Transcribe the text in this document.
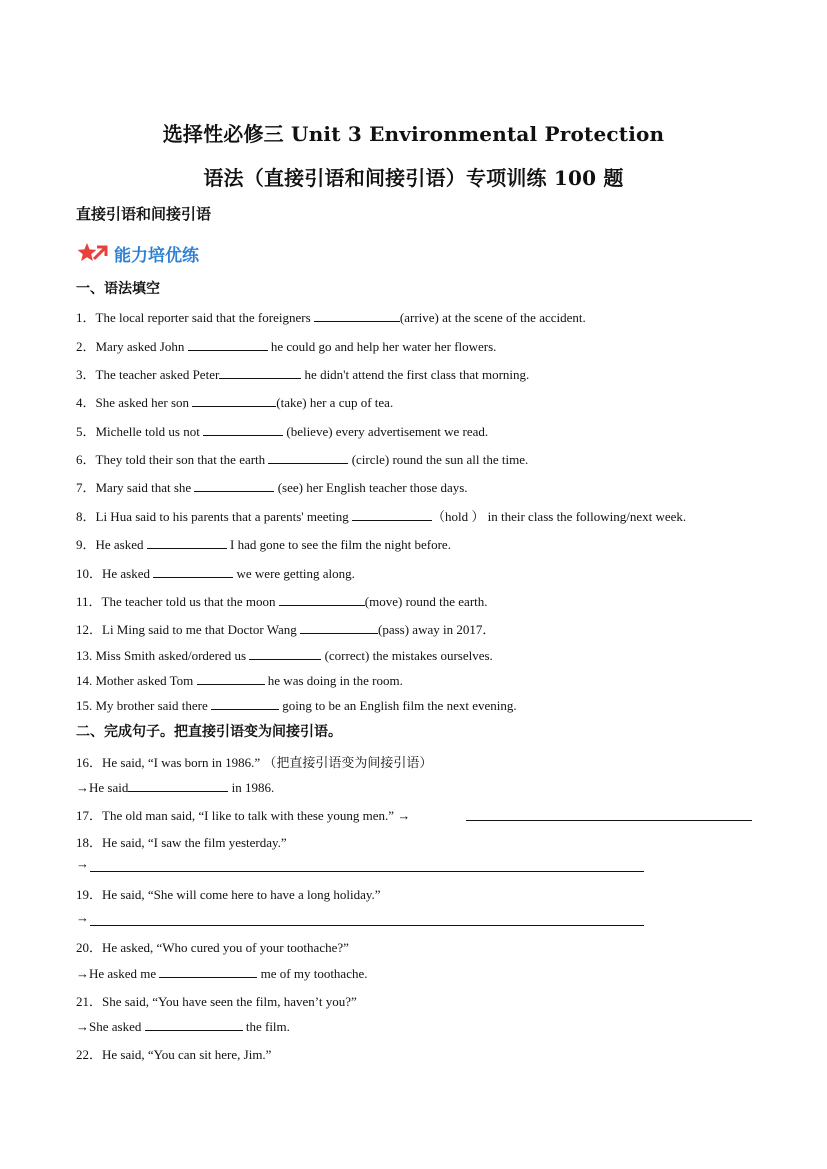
选择性必修三 Unit 3 Environmental Protection
语法（直接引语和间接引语）专项训练 100 题
直接引语和间接引语
能力培优练
一、语法填空
1．The local reporter said that the foreigners	(arrive) at the scene of the accident.
2．Mary asked John	he could go and help her water her flowers.
3．The teacher asked Peter	he didn't attend the first class that morning.
4．She asked her son	(take) her a cup of tea.
5．Michelle told us not	(believe) every advertisement we read.
6．They told their son that the earth	(circle) round the sun all the time.
7．Mary said that she	(see) her English teacher those days.
8．Li Hua said to his parents that a parents' meeting	（hold ） in their class the following/next week.
9．He asked	I had gone to see the film the night before.
10．He asked	we were getting along.
11．The teacher told us that the moon	(move) round the earth.
12．Li Ming said to me that Doctor Wang	(pass) away in 2017．
13. Miss Smith asked/ordered us	(correct) the mistakes ourselves.
14. Mother asked Tom	he was doing in the room.
15. My brother said there	going to be an English film the next evening.
二、完成句子。把直接引语变为间接引语。
16．He said, “I was born in 1986.” （把直接引语变为间接引语）
→He said	in 1986.
17．The old man said, “I like to talk with these young men.” →
18．He said, “I saw the film yesterday.”
→
19．He said, “She will come here to have a long holiday.”
→
20．He asked, “Who cured you of your toothache?”
→He asked me	me of my toothache.
21．She said, “You have seen the film, haven’t you?”
→She asked	the film.
22．He said, “You can sit here, Jim.”
